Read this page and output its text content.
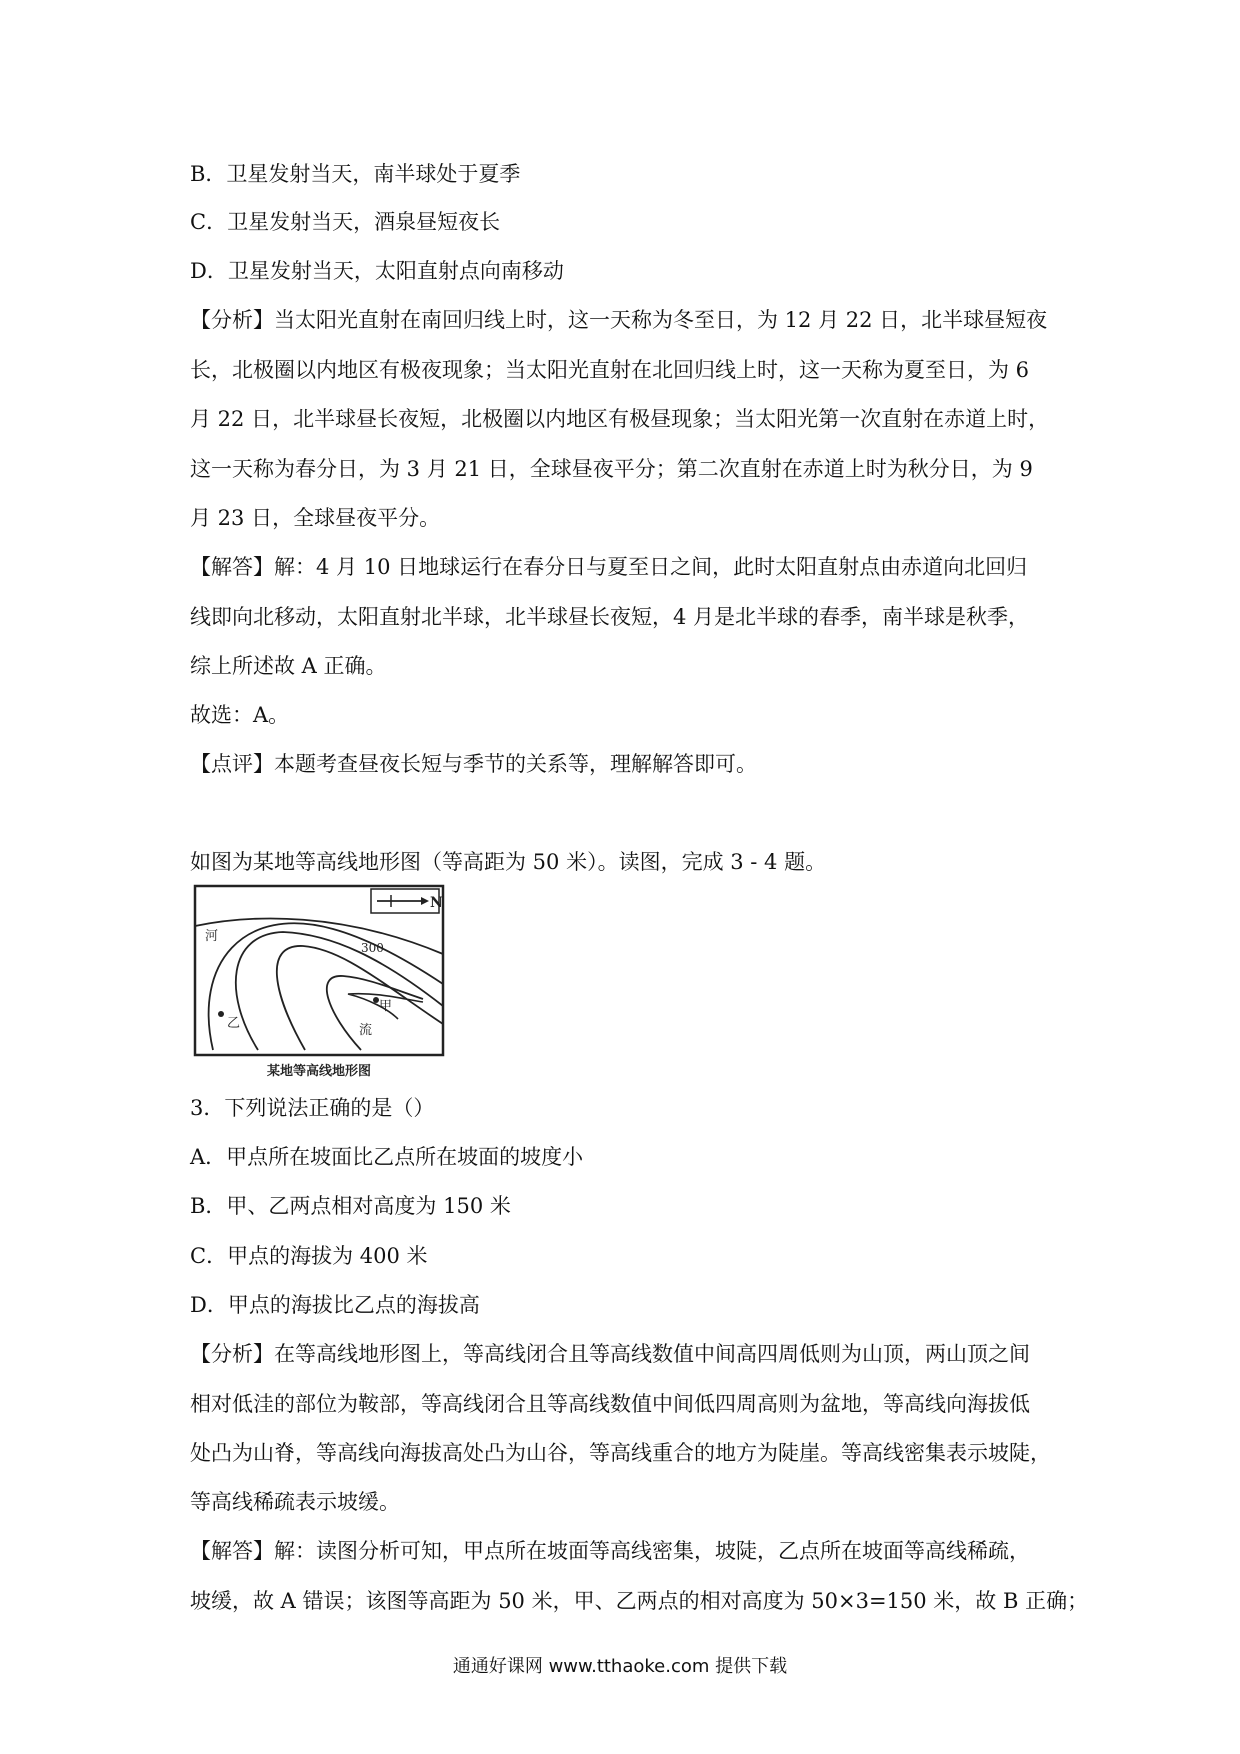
B．卫星发射当天，南半球处于夏季
C．卫星发射当天，酒泉昼短夜长
D．卫星发射当天，太阳直射点向南移动
【分析】当太阳光直射在南回归线上时，这一天称为冬至日，为 12 月 22 日，北半球昼短夜
长，北极圈以内地区有极夜现象；当太阳光直射在北回归线上时，这一天称为夏至日，为 6
月 22 日，北半球昼长夜短，北极圈以内地区有极昼现象；当太阳光第一次直射在赤道上时，
这一天称为春分日，为 3 月 21 日，全球昼夜平分；第二次直射在赤道上时为秋分日，为 9
月 23 日，全球昼夜平分。
【解答】解：4 月 10 日地球运行在春分日与夏至日之间，此时太阳直射点由赤道向北回归
线即向北移动，太阳直射北半球，北半球昼长夜短，4 月是北半球的春季，南半球是秋季，
综上所述故 A 正确。
故选：A。
【点评】本题考查昼夜长短与季节的关系等，理解解答即可。
如图为某地等高线地形图（等高距为 50 米）。读图，完成 3 - 4 题。
N
300
河
流
甲
乙
某地等高线地形图
3．下列说法正确的是（）
A．甲点所在坡面比乙点所在坡面的坡度小
B．甲、乙两点相对高度为 150 米
C．甲点的海拔为 400 米
D．甲点的海拔比乙点的海拔高
【分析】在等高线地形图上，等高线闭合且等高线数值中间高四周低则为山顶，两山顶之间
相对低洼的部位为鞍部，等高线闭合且等高线数值中间低四周高则为盆地，等高线向海拔低
处凸为山脊，等高线向海拔高处凸为山谷，等高线重合的地方为陡崖。等高线密集表示坡陡，
等高线稀疏表示坡缓。
【解答】解：读图分析可知，甲点所在坡面等高线密集，坡陡，乙点所在坡面等高线稀疏，
坡缓，故 A 错误；该图等高距为 50 米，甲、乙两点的相对高度为 50×3=150 米，故 B 正确；
通通好课网 www.tthaoke.com 提供下载
